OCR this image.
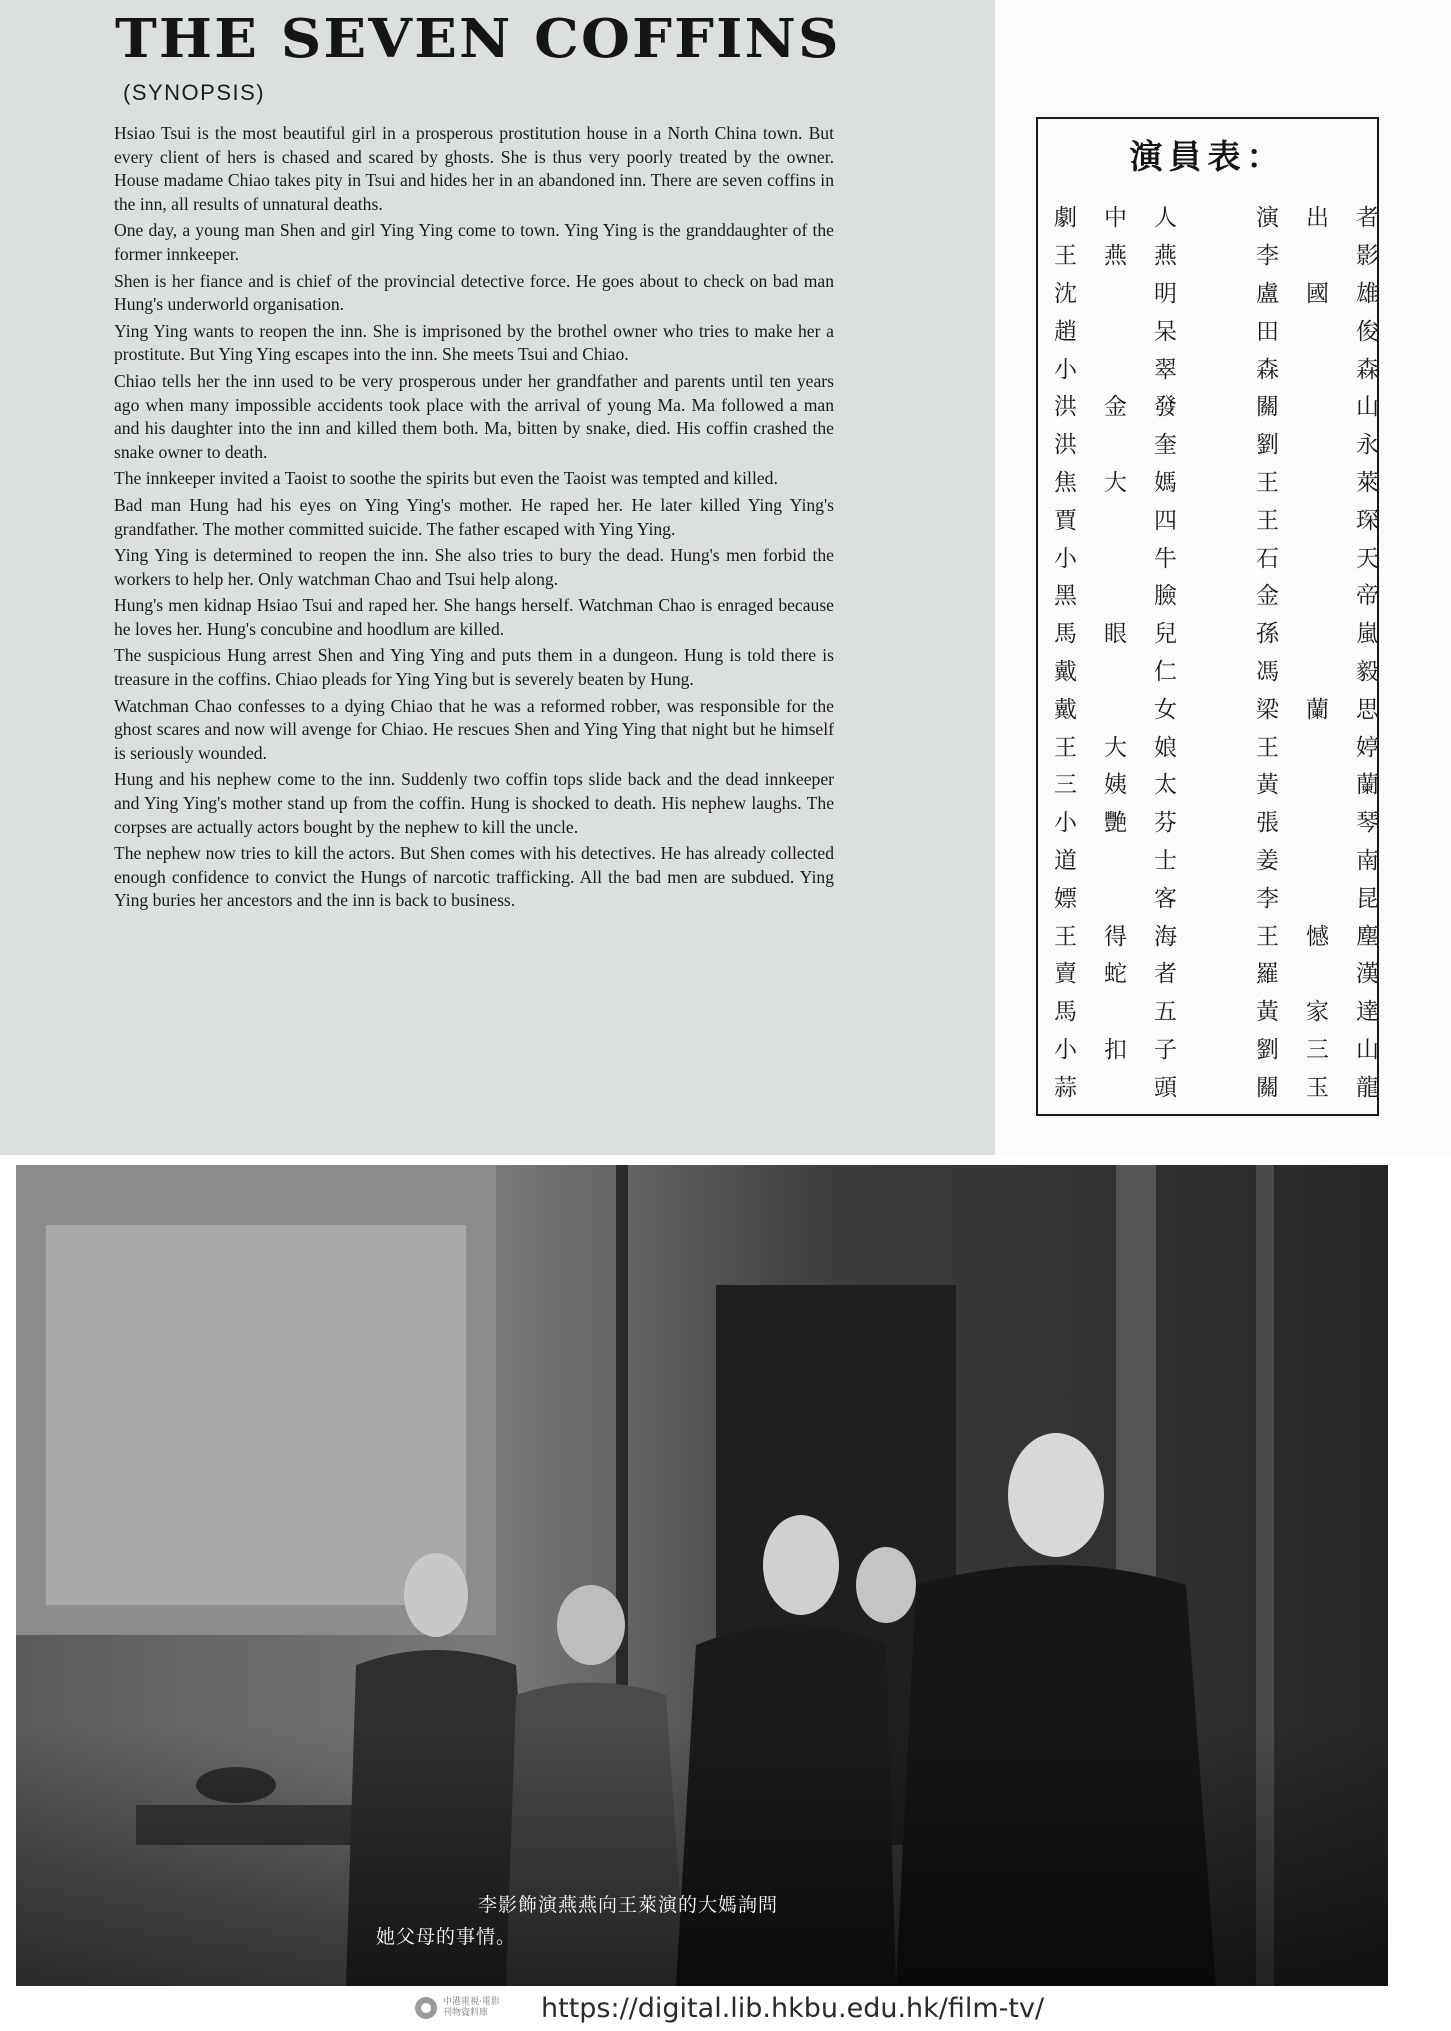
THE SEVEN COFFINS
(SYNOPSIS)

Hsiao Tsui is the most beautiful girl in a prosperous prostitution house in a North China town. But every client of hers is chased and scared by ghosts. She is thus very poorly treated by the owner. House madame Chiao takes pity in Tsui and hides her in an abandoned inn. There are seven coffins in the inn, all results of unnatural deaths.

One day, a young man Shen and girl Ying Ying come to town. Ying Ying is the granddaughter of the former innkeeper.

Shen is her fiance and is chief of the provincial detective force. He goes about to check on bad man Hung's underworld organisation.

Ying Ying wants to reopen the inn. She is imprisoned by the brothel owner who tries to make her a prostitute. But Ying Ying escapes into the inn. She meets Tsui and Chiao.

Chiao tells her the inn used to be very prosperous under her grandfather and parents until ten years ago when many impossible accidents took place with the arrival of young Ma. Ma followed a man and his daughter into the inn and killed them both. Ma, bitten by snake, died. His coffin crashed the snake owner to death.

The innkeeper invited a Taoist to soothe the spirits but even the Taoist was tempted and killed.

Bad man Hung had his eyes on Ying Ying's mother. He raped her. He later killed Ying Ying's grandfather. The mother committed suicide. The father escaped with Ying Ying.

Ying Ying is determined to reopen the inn. She also tries to bury the dead. Hung's men forbid the workers to help her. Only watchman Chao and Tsui help along.

Hung's men kidnap Hsiao Tsui and raped her. She hangs herself. Watchman Chao is enraged because he loves her. Hung's concubine and hoodlum are killed.

The suspicious Hung arrest Shen and Ying Ying and puts them in a dungeon. Hung is told there is treasure in the coffins. Chiao pleads for Ying Ying but is severely beaten by Hung.

Watchman Chao confesses to a dying Chiao that he was a reformed robber, was responsible for the ghost scares and now will avenge for Chiao. He rescues Shen and Ying Ying that night but he himself is seriously wounded.

Hung and his nephew come to the inn. Suddenly two coffin tops slide back and the dead innkeeper and Ying Ying's mother stand up from the coffin. Hung is shocked to death. His nephew laughs. The corpses are actually actors bought by the nephew to kill the uncle.

The nephew now tries to kill the actors. But Shen comes with his detectives. He has already collected enough confidence to convict the Hungs of narcotic trafficking. All the bad men are subdued. Ying Ying buries her ancestors and the inn is back to business.

演員表：
劇中人 演出者
王燕燕 李　影
沈　明 盧國雄
趙　呆 田　俊
小　翠 森　森
洪金發 關　山
洪　奎 劉　永
焦大媽 王　萊
賈　四 王　琛
小　牛 石　天
黑　臉 金　帝
馬眼兒 孫　嵐
戴　仁 馮　毅
戴　女 梁蘭思
王大娘 王　婷
三姨太 黃　蘭
小艷芬 張　琴
道　士 姜　南
嫖　客 李　昆
王得海 王憾塵
賣蛇者 羅　漢
馬　五 黃家達
小扣子 劉三山
蒜　頭 關玉龍
李影飾演燕燕向王萊演的大媽詢問
她父母的事情。
中港電視‧電影
刊物資料庫	https://digital.lib.hkbu.edu.hk/film-tv/
